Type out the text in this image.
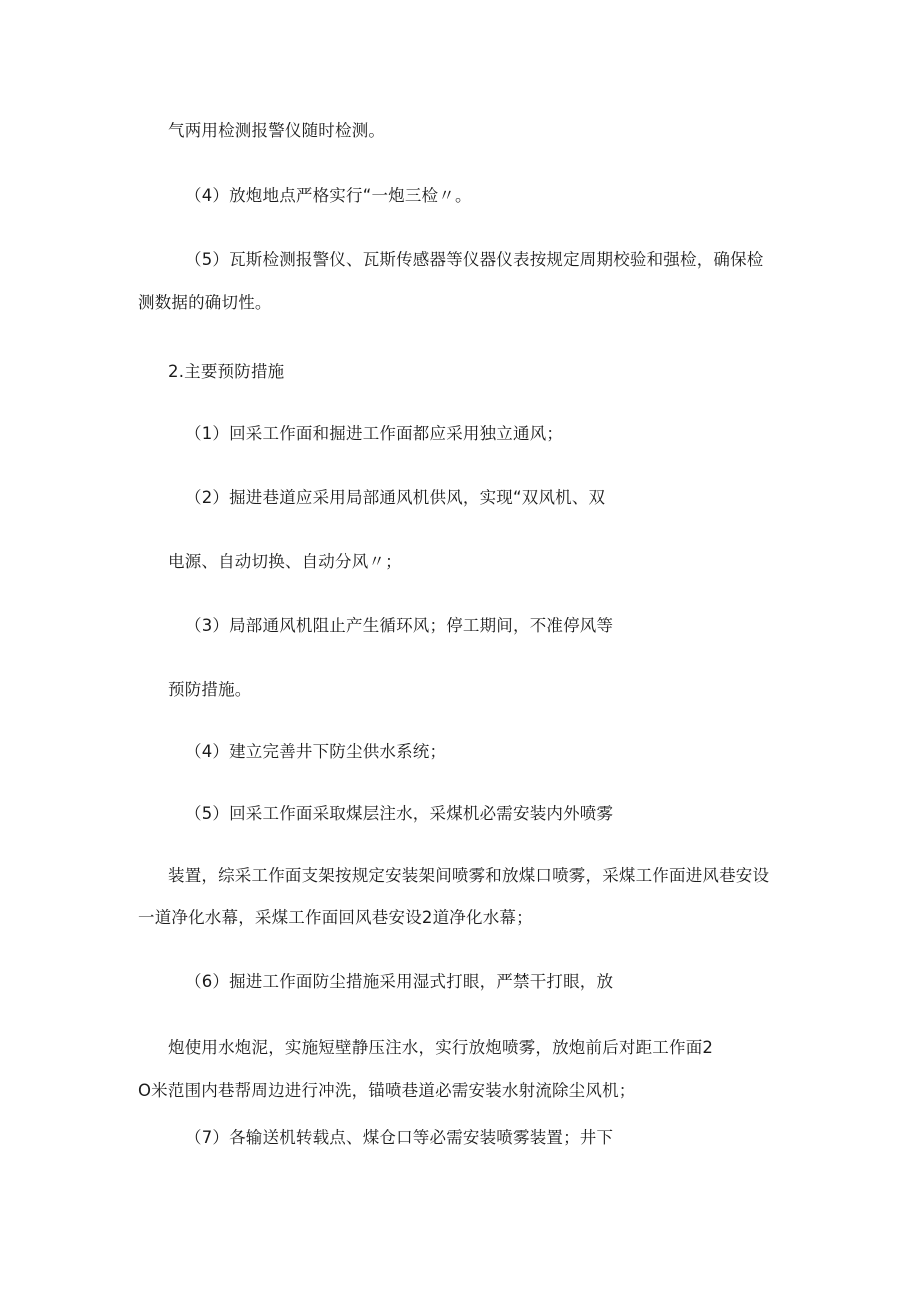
气两用检测报警仪随时检测。
（4）放炮地点严格实行“一炮三检〃。
（5）瓦斯检测报警仪、瓦斯传感器等仪器仪表按规定周期校验和强检，确保检
测数据的确切性。
2.主要预防措施
（1）回采工作面和掘进工作面都应采用独立通风；
（2）掘进巷道应采用局部通风机供风，实现“双风机、双
电源、自动切换、自动分风〃；
（3）局部通风机阻止产生循环风；停工期间，不准停风等
预防措施。
（4）建立完善井下防尘供水系统；
（5）回采工作面采取煤层注水，采煤机必需安装内外喷雾
装置，综采工作面支架按规定安装架间喷雾和放煤口喷雾，采煤工作面进风巷安设
一道净化水幕，采煤工作面回风巷安设2道净化水幕；
（6）掘进工作面防尘措施采用湿式打眼，严禁干打眼，放
炮使用水炮泥，实施短壁静压注水，实行放炮喷雾，放炮前后对距工作面2
O米范围内巷帮周边进行冲洗，锚喷巷道必需安装水射流除尘风机；
（7）各输送机转载点、煤仓口等必需安装喷雾装置；井下
